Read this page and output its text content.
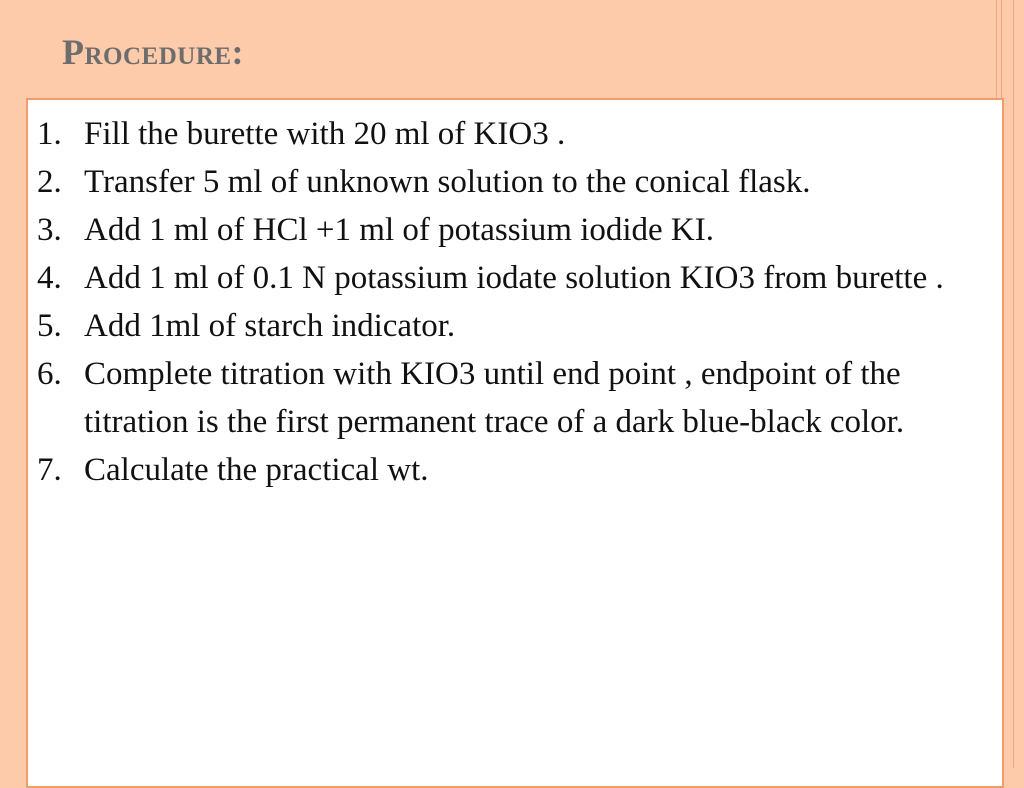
Procedure:
1. Fill the burette with 20 ml of KIO3 .
2. Transfer 5 ml of unknown solution to the conical flask.
3. Add 1 ml of HCl +1 ml of potassium iodide KI.
4. Add 1 ml of 0.1 N potassium iodate solution KIO3 from burette .
5. Add 1ml of starch indicator.
6. Complete titration with KIO3 until end point , endpoint of the titration is the first permanent trace of a dark blue-black color.
7. Calculate the practical wt.
